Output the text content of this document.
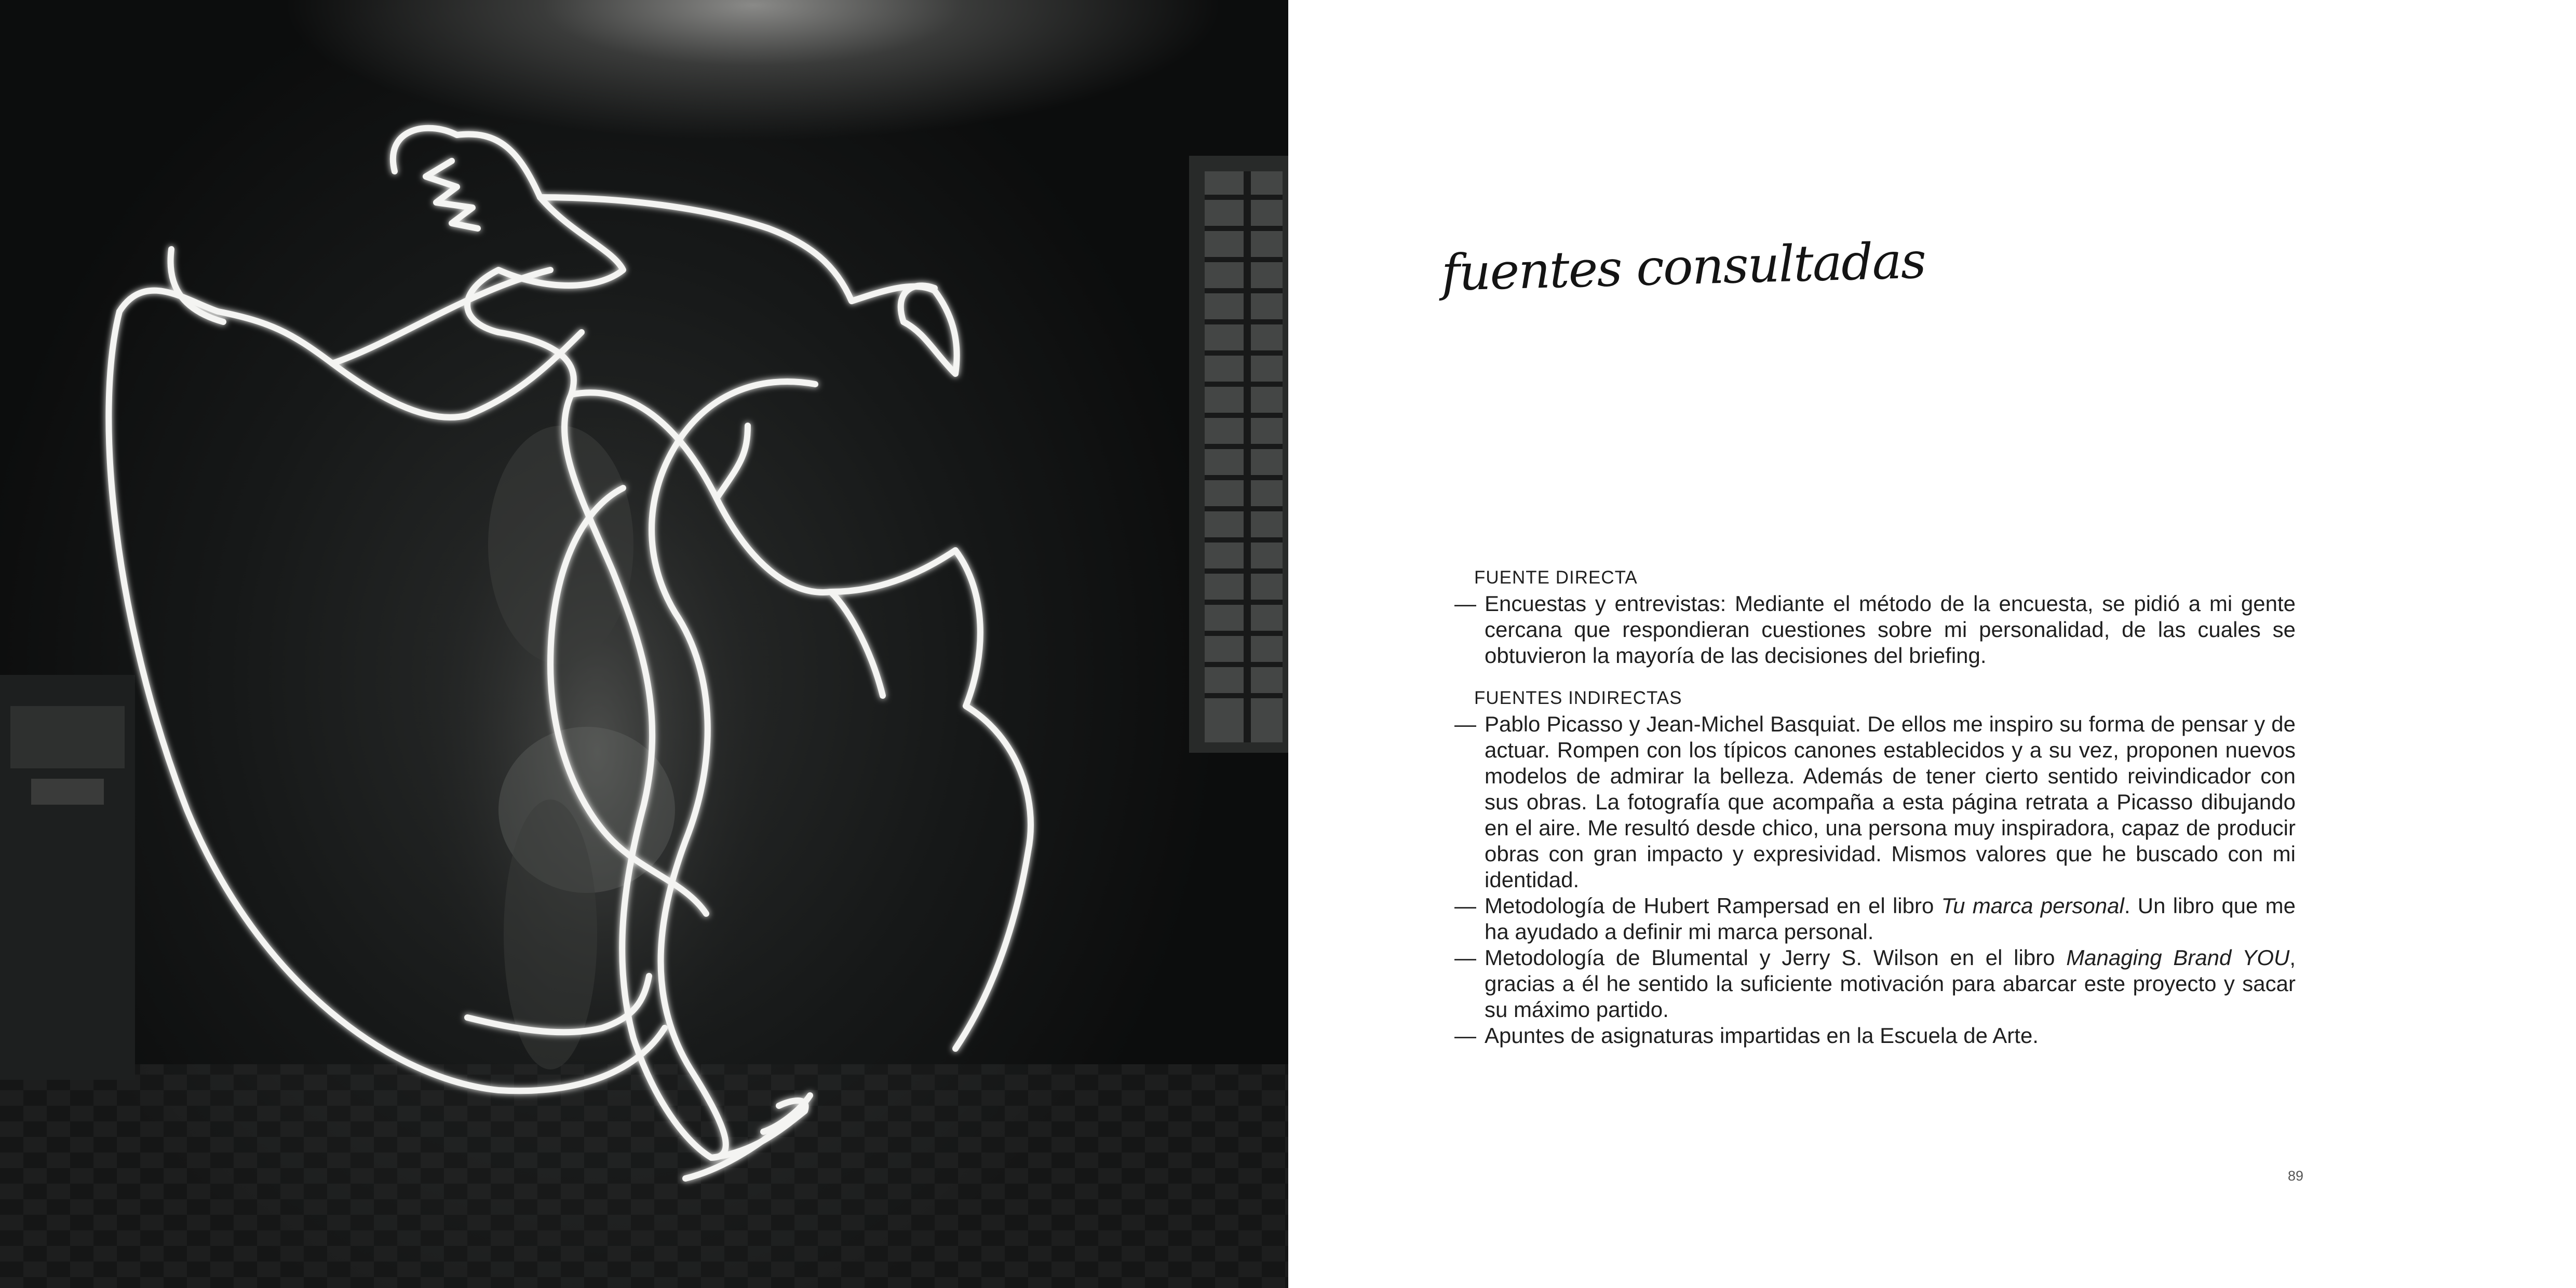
fuentes consultadas
FUENTE DIRECTA

— Encuestas y entrevistas: Mediante el método de la encuesta, se pidió a mi gente cercana que respondieran cuestiones sobre mi personalidad, de las cuales se obtuvieron la mayoría de las decisiones del briefing.

FUENTES INDIRECTAS

— Pablo Picasso y Jean-Michel Basquiat. De ellos me inspiro su forma de pensar y de actuar. Rompen con los típicos canones establecidos y a su vez, proponen nuevos modelos de admirar la belleza. Además de tener cierto sentido reivindicador con sus obras. La fotografía que acompaña a esta página retrata a Picasso dibujando en el aire. Me resultó desde chico, una persona muy inspiradora, capaz de producir obras con gran impacto y expresividad. Mismos valores que he buscado con mi identidad.

— Metodología de Hubert Rampersad en el libro Tu marca personal. Un libro que me ha ayudado a definir mi marca personal.

— Metodología de Blumental y Jerry S. Wilson en el libro Managing Brand YOU, gracias a él he sentido la suficiente motivación para abarcar este proyecto y sacar su máximo partido.

— Apuntes de asignaturas impartidas en la Escuela de Arte.

89
